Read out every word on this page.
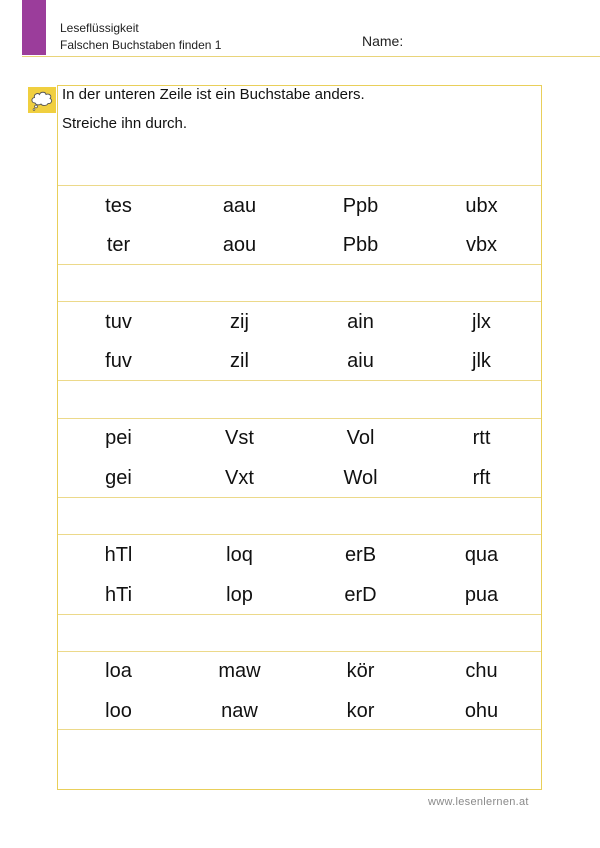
Leseflüssigkeit
Falschen Buchstaben finden 1	Name:
In der unteren Zeile ist ein Buchstabe anders.
Streiche ihn durch.
tes	aau	Ppb	ubx
ter	aou	Pbb	vbx
tuv	zij	ain	jlx
fuv	zil	aiu	jlk
pei	Vst	Vol	rtt
gei	Vxt	Wol	rft
hTl	loq	erB	qua
hTi	lop	erD	pua
loa	maw	kör	chu
loo	naw	kor	ohu
www.lesenlernen.at
